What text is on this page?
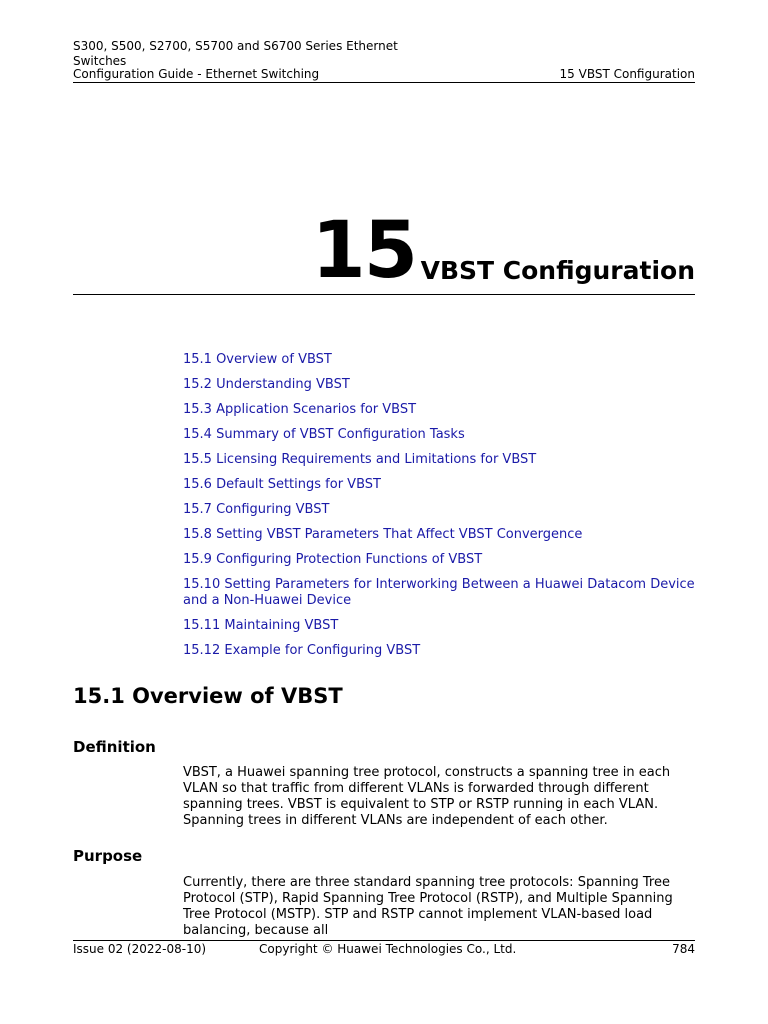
S300, S500, S2700, S5700 and S6700 Series Ethernet
Switches
Configuration Guide - Ethernet Switching	15 VBST Configuration
15 VBST Configuration
15.1 Overview of VBST
15.2 Understanding VBST
15.3 Application Scenarios for VBST
15.4 Summary of VBST Configuration Tasks
15.5 Licensing Requirements and Limitations for VBST
15.6 Default Settings for VBST
15.7 Configuring VBST
15.8 Setting VBST Parameters That Affect VBST Convergence
15.9 Configuring Protection Functions of VBST
15.10 Setting Parameters for Interworking Between a Huawei Datacom Device and a Non-Huawei Device
15.11 Maintaining VBST
15.12 Example for Configuring VBST
15.1 Overview of VBST
Definition

VBST, a Huawei spanning tree protocol, constructs a spanning tree in each VLAN so that traffic from different VLANs is forwarded through different spanning trees. VBST is equivalent to STP or RSTP running in each VLAN. Spanning trees in different VLANs are independent of each other.

Purpose

Currently, there are three standard spanning tree protocols: Spanning Tree Protocol (STP), Rapid Spanning Tree Protocol (RSTP), and Multiple Spanning Tree Protocol (MSTP). STP and RSTP cannot implement VLAN-based load balancing, because all

Issue 02 (2022-08-10)	Copyright © Huawei Technologies Co., Ltd.	784
